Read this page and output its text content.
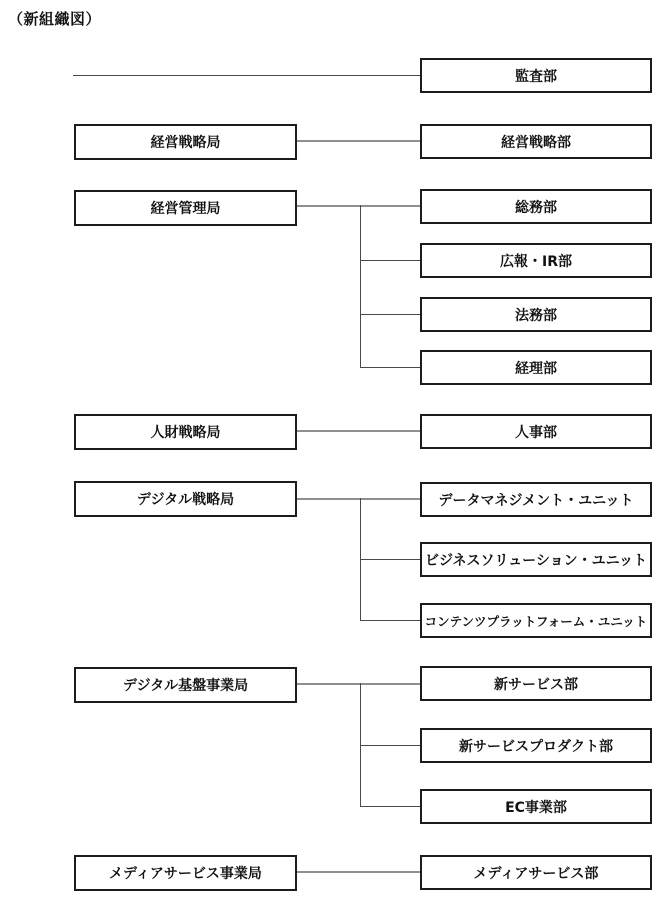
（新組織図）
経営戦略局
経営管理局
人財戦略局
デジタル戦略局
デジタル基盤事業局
メディアサービス事業局
監査部
経営戦略部
総務部
広報・IR部
法務部
経理部
人事部
データマネジメント・ユニット
ビジネスソリューション・ユニット
コンテンツプラットフォーム・ユニット
新サービス部
新サービスプロダクト部
EC事業部
メディアサービス部
